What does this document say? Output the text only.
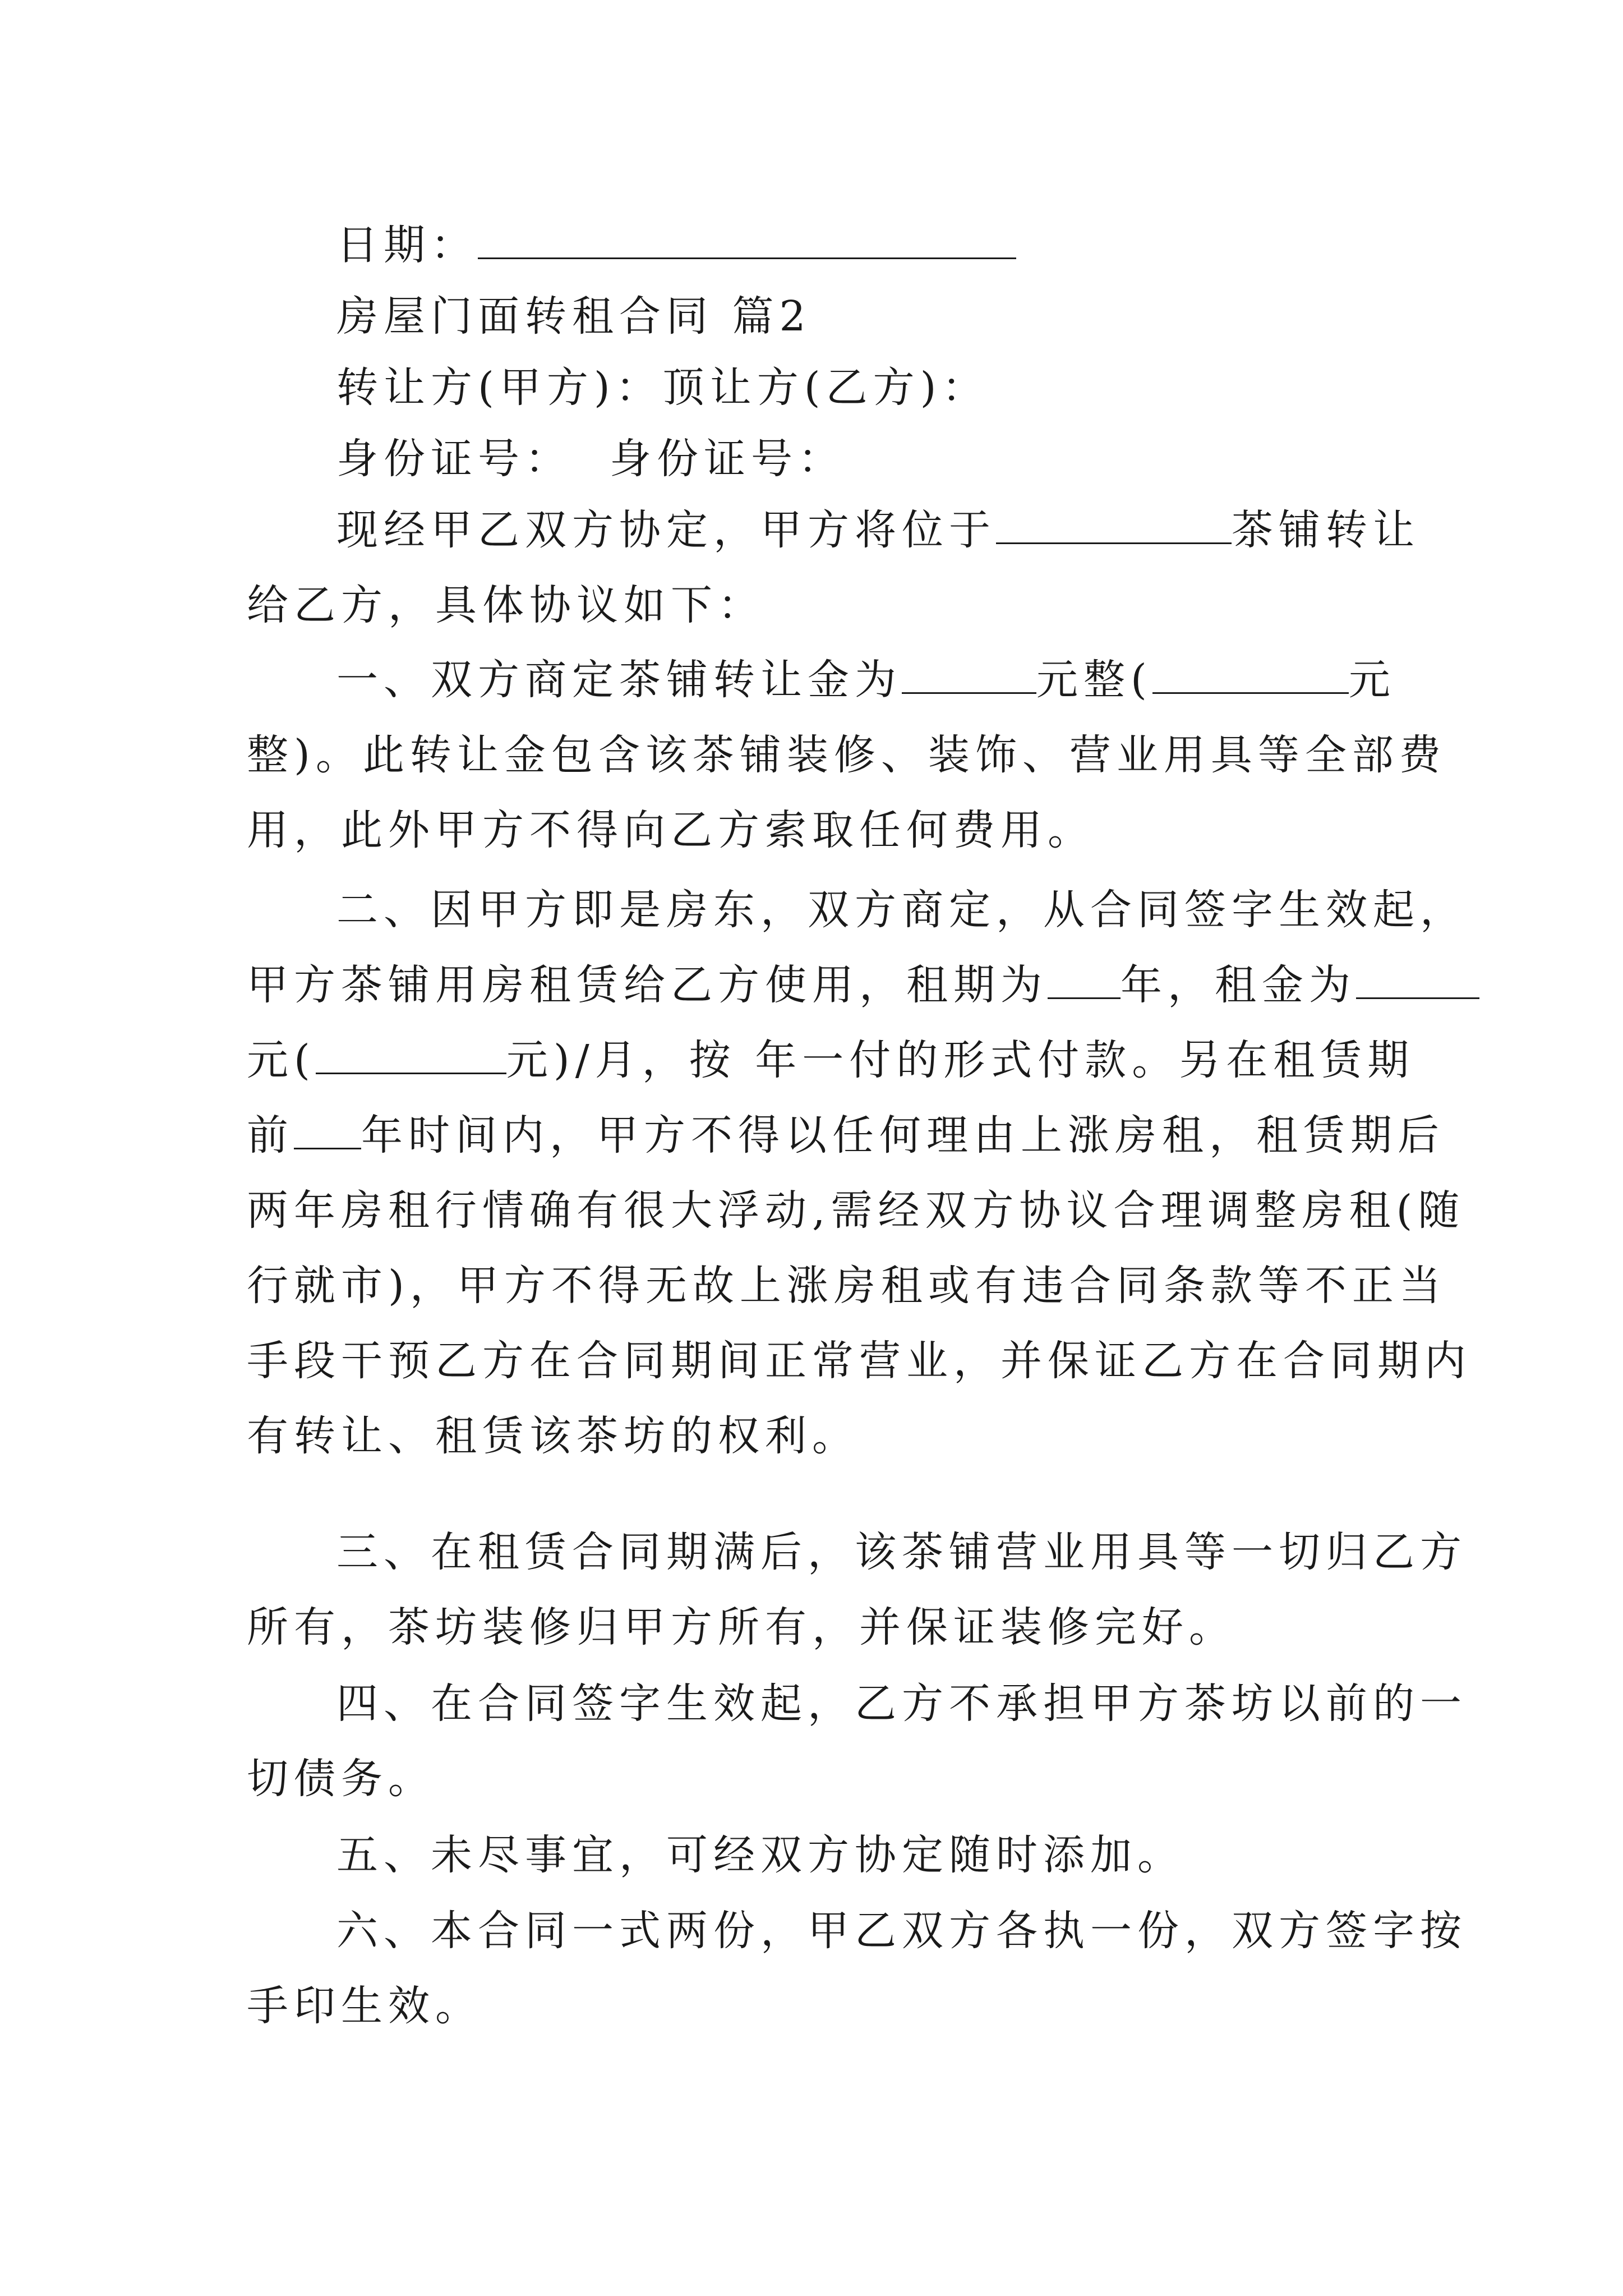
日期：
房屋门面转租合同 篇2
转让方(甲方)：顶让方(乙方)：
身份证号：  身份证号：
现经甲乙双方协定，甲方将位于	茶铺转让
给乙方，具体协议如下：
一、双方商定茶铺转让金为	元整(	元
整)。此转让金包含该茶铺装修、装饰、营业用具等全部费
用，此外甲方不得向乙方索取任何费用。
二、因甲方即是房东，双方商定，从合同签字生效起，
甲方茶铺用房租赁给乙方使用，租期为 年，租金为
元(	元)/月，按 年一付的形式付款。另在租赁期
前 年时间内，甲方不得以任何理由上涨房租，租赁期后
两年房租行情确有很大浮动,需经双方协议合理调整房租(随
行就市)，甲方不得无故上涨房租或有违合同条款等不正当
手段干预乙方在合同期间正常营业，并保证乙方在合同期内
有转让、租赁该茶坊的权利。
三、在租赁合同期满后，该茶铺营业用具等一切归乙方
所有，茶坊装修归甲方所有，并保证装修完好。
四、在合同签字生效起，乙方不承担甲方茶坊以前的一
切债务。
五、未尽事宜，可经双方协定随时添加。
六、本合同一式两份，甲乙双方各执一份，双方签字按
手印生效。
